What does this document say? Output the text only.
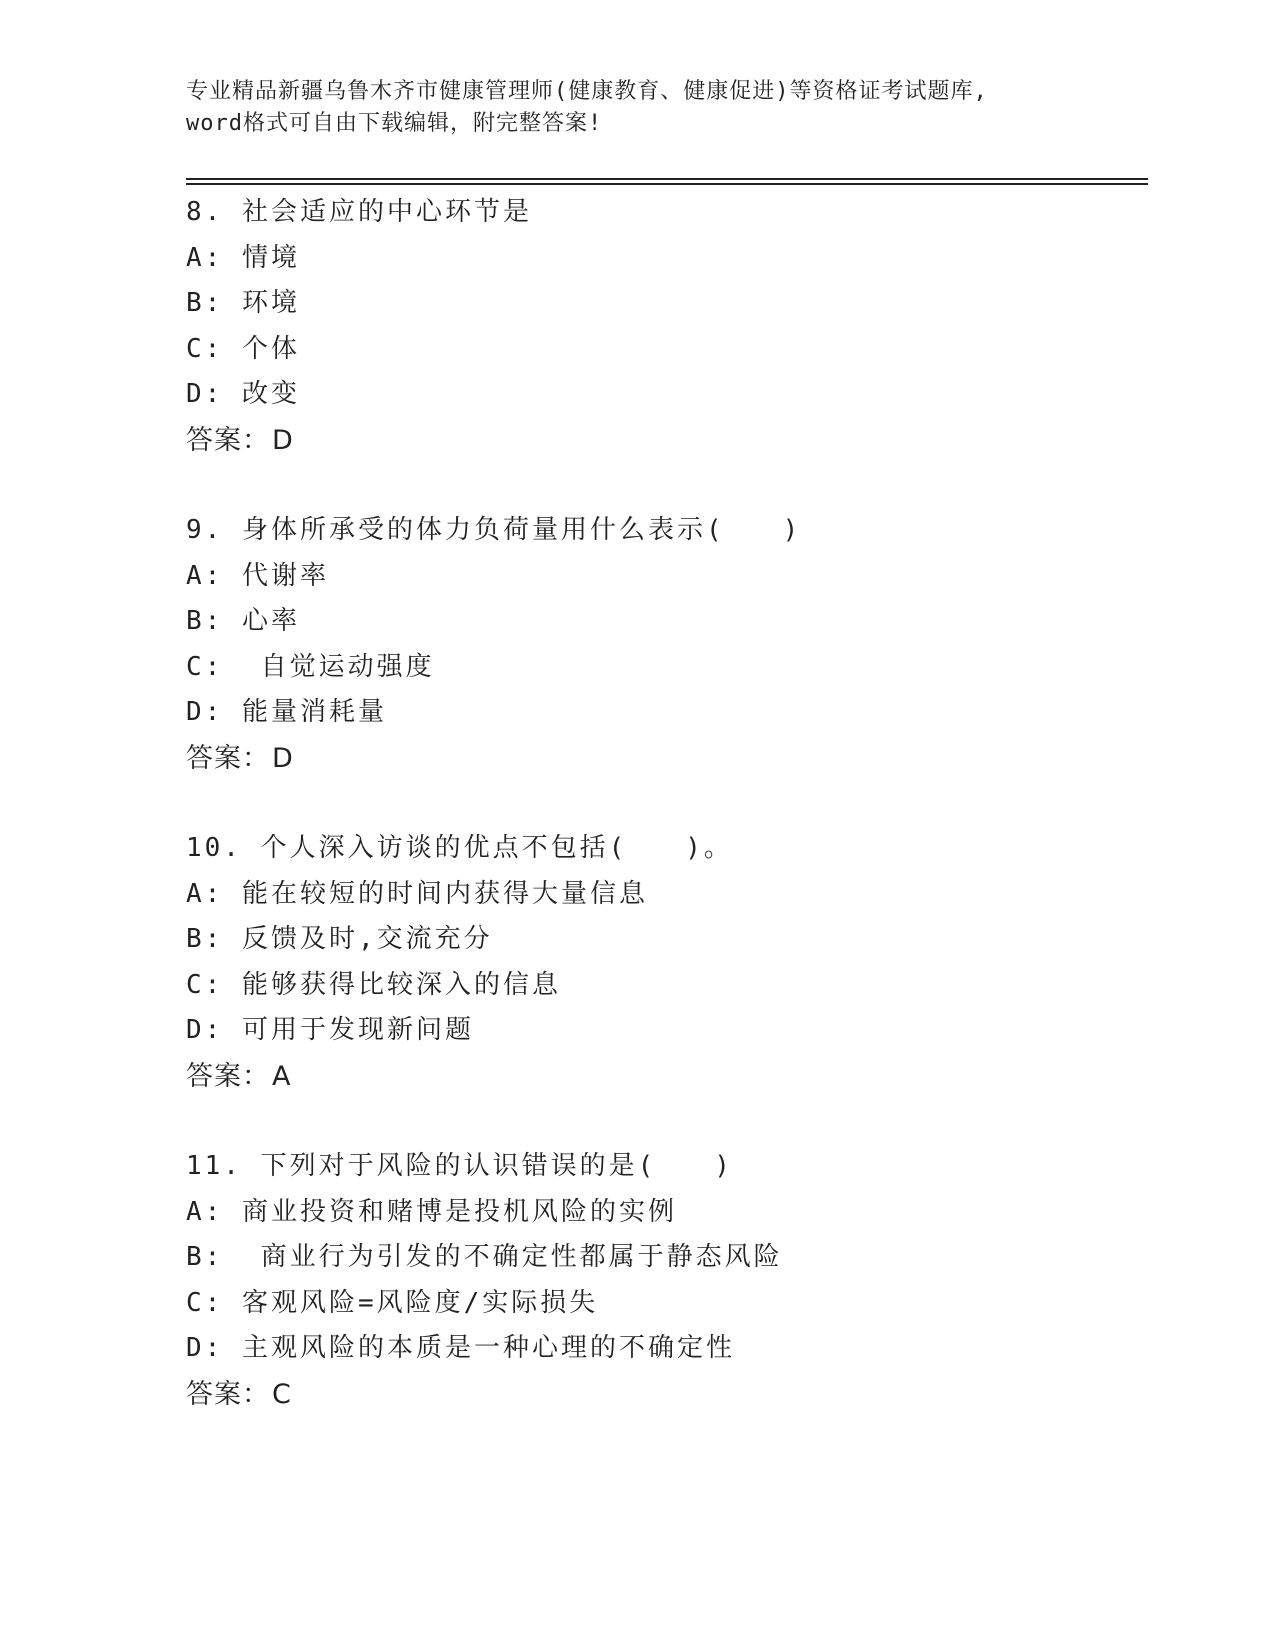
专业精品新疆乌鲁木齐市健康管理师(健康教育、健康促进)等资格证考试题库,
word格式可自由下载编辑，附完整答案!
8. 社会适应的中心环节是
A: 情境
B: 环境
C: 个体
D: 改变
答案：D
9. 身体所承受的体力负荷量用什么表示(　　)
A: 代谢率
B: 心率
C:  自觉运动强度
D: 能量消耗量
答案：D
10. 个人深入访谈的优点不包括(　　)。
A: 能在较短的时间内获得大量信息
B: 反馈及时,交流充分
C: 能够获得比较深入的信息
D: 可用于发现新问题
答案：A
11. 下列对于风险的认识错误的是(　　)
A: 商业投资和赌博是投机风险的实例
B:  商业行为引发的不确定性都属于静态风险
C: 客观风险=风险度/实际损失
D: 主观风险的本质是一种心理的不确定性
答案：C
